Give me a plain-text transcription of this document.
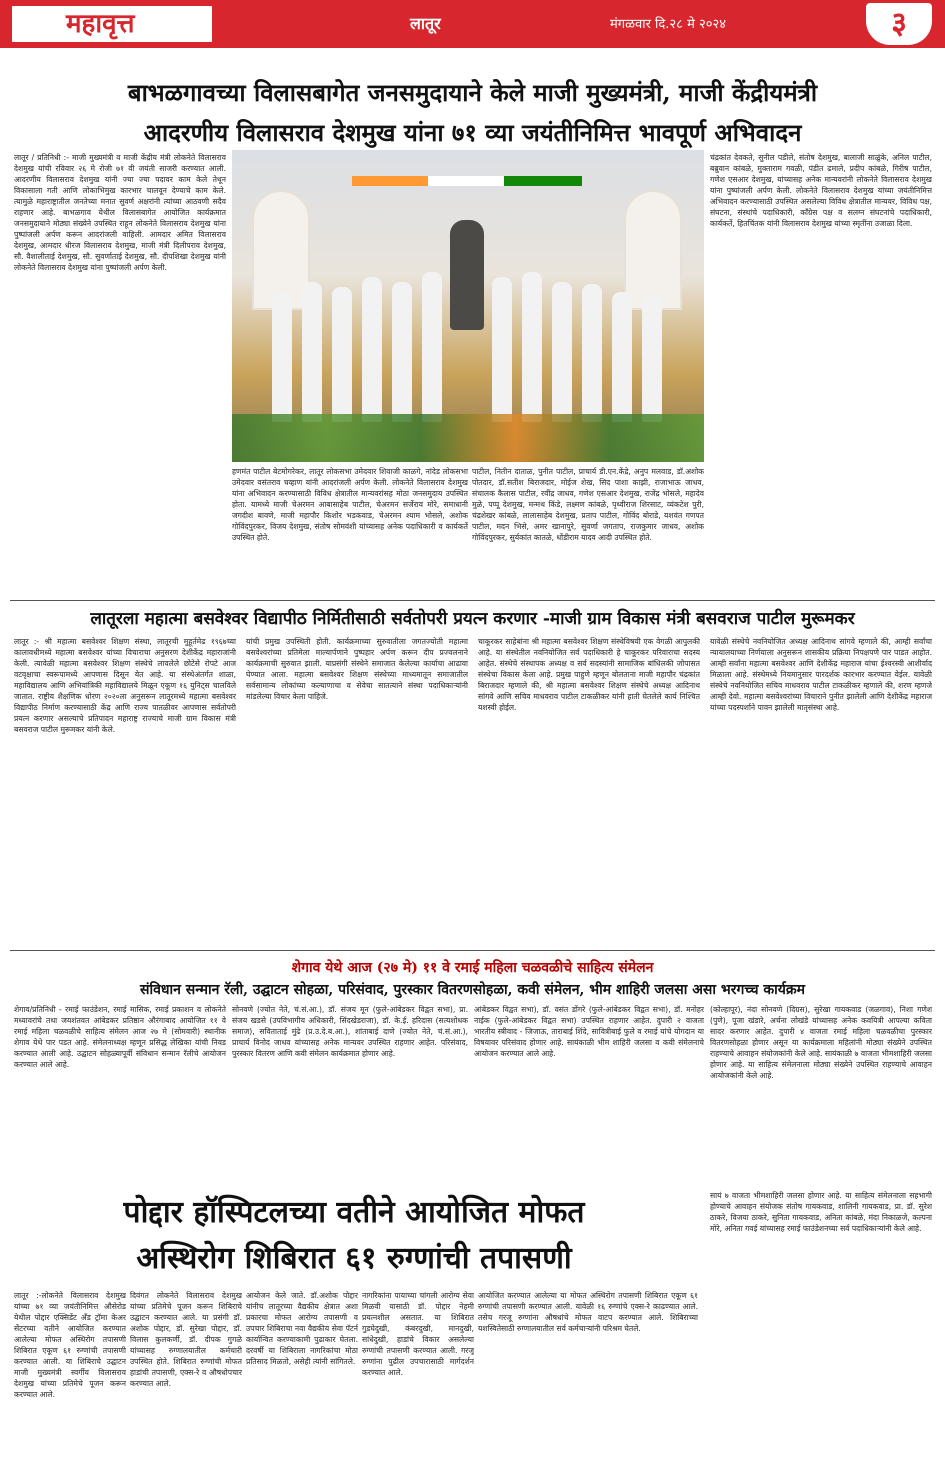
महावृत्त	लातूर	मंगळवार दि.२८ मे २०२४	३
बाभळगावच्या विलासबागेत जनसमुदायाने केले माजी मुख्यमंत्री, माजी केंद्रीयमंत्री
आदरणीय विलासराव देशमुख यांना ७१ व्या जयंतीनिमित्त भावपूर्ण अभिवादन
लातूर / प्रतिनिधी :- माजी मुख्यमंत्री व माजी केंद्रीय मंत्री लोकनेते विलासराव देशमुख यांची रविवार २६ मे रोजी ७१ वी जयंती साजरी करण्यात आली. आदरणीय विलासराव देशमुख यांनी ज्या ज्या पदावर काम केले तेथून विकासाला गती आणि लोकाभिमुख कारभार चालवून देण्याचे काम केले. त्यामुळे महाराष्ट्रातील जनतेच्या मनात सुवर्ण अक्षरांनी त्यांच्या आठवणी सदैव राहणार आहे. बाभळगाव येथील विलासबागेत आयोजित कार्यक्रमात जनसमुदायाने मोठ्या संख्येने उपस्थित राहून लोकनेते विलासराव देशमुख यांना पुष्पांजली अर्पण करून आदरांजली वाहिली. आमदार अमित विलासराव देशमुख, आमदार धीरज विलासराव देशमुख, माजी मंत्री दिलीपराव देशमुख, सौ. वैशालीताई देशमुख, सौ. सुवर्णाताई देशमुख, सौ. दीपशिखा देशमुख यांनी लोकनेते विलासराव देशमुख यांना पुष्पांजली अर्पण केली.
हणमंत पाटील बेटमोगरेकर, लातूर लोकसभा उमेदवार शिवाजी काळगे, नांदेड लोकसभा उमेदवार वसंतराव चव्हाण यांनी आदरांजली अर्पण केली. लोकनेते विलासराव देशमुख यांना अभिवादन करण्यासाठी विविध क्षेत्रातील मान्यवरांसह मोठा जनसमुदाय उपस्थित होता. यामध्ये माजी चेअरमन आबासाहेब पाटील, चेअरमन सर्जेराव मोरे, समाधानी जगदीश बावणे, माजी महापौर किशोर भडकवाड, चेअरमन श्याम भोसले, अशोक गोविंदपुरकर, विजय देशमुख, संतोष सोमवंशी यांच्यासह अनेक पदाधिकारी व कार्यकर्ते उपस्थित होते.
पाटील, नितीन दाताळ, पुनीत पाटील, प्राचार्य डी.एन.केंद्रे, अनुप मलवाड, डॉ.अशोक पोतदार, डॉ.सतीश बिराजदार, मोईज शेख, सिद पाशा काझी, राजाभाऊ जाधव, संचालक कैलास पाटील, रवींद्र जाधव, गणेश एसआर देशमुख, राजेंद्र भोसले, महादेव मुळे, पप्पू देशमुख, मन्मथ किंडे, लक्ष्मण कांबळे, पृथ्वीराज शिरसाट, व्यंकटेश पुरी, चंद्रशेखर कांबळे, लालासाहेब देशमुख, प्रताप पाटील, गोविंद बोराडे, यशवंत गणपत पाटील, मदन भिसे, अमर खानापुरे, सुवर्णा जगताप, राजकुमार जाधव, अशोक गोविंदपुरकर, सुर्यकांत कातळे, धोंडीराम यादव आदी उपस्थित होते.
चंद्रकांत देवकते, सुनील पडीले, संतोष देशमुख, बालाजी साळुंके, अनिल पाटील, बब्रुवान कांबळे, मुक्ताराम गवळी, पंडीत ढमाले, प्रदीप कांबळे, गिरीष पाटील, गणेश एसआर देशमुख, यांच्यासह अनेक मान्यवरांनी लोकनेते विलासराव देशमुख यांना पुष्पांजली अर्पण केली. लोकनेते विलासराव देशमुख यांच्या जयंतीनिमित्त अभिवादन करण्यासाठी उपस्थित असलेल्या विविध क्षेत्रातील मान्यवर, विविध पक्ष, संघटना, संस्थांचे पदाधिकारी, काँग्रेस पक्ष व सलग्न संघटनांचे पदाधिकारी, कार्यकर्ते, हितचिंतक यांनी विलासराव देशमुख यांच्या स्मृतींना उजाळा दिला.
लातूरला महात्मा बसवेश्वर विद्यापीठ निर्मितीसाठी सर्वतोपरी प्रयत्न करणार -माजी ग्राम विकास मंत्री बसवराज पाटील मुरूमकर
लातूर :- श्री महात्मा बसवेश्वर शिक्षण संस्था, लातूरची मुहूर्तमेढ १९६७च्या कालावधीमध्ये महात्मा बसवेश्वर यांच्या विचाराचा अनुसरण देशीकेंद्र महाराजांनी केली. त्यावेळी महात्मा बसवेश्वर शिक्षण संस्थेचे लावलेले छोटेसे रोपटे आज वटवृक्षाचा स्वरूपामध्ये आपणास दिसून येत आहे. या संस्थेअंतर्गत शाळा, महाविद्यालय आणि अभियांत्रिकी महाविद्यालये मिळून एकूण १६ युनिट्स चालविले जातात. राष्ट्रीय शैक्षणिक धोरण २०२०ला अनुसरून लातूरमध्ये महात्मा बसवेश्वर विद्यापीठ निर्माण करण्यासाठी केंद्र आणि राज्य पातळीवर आपणास सर्वतोपरी प्रयत्न करणार असल्याचे प्रतिपादन महाराष्ट्र राज्याचे माजी ग्राम विकास मंत्री बसवराज पाटील मुरूमकर यांनी केले.
यांची प्रमुख उपस्थिती होती. कार्यक्रमाच्या सुरुवातीला जगतज्योती महात्मा बसवेश्वरांच्या प्रतिमेला माल्यार्पणाने पुष्पहार अर्पण करून दीप प्रज्वलनाने कार्यक्रमाची सुरुवात झाली. याप्रसंगी संस्थेने समाजात केलेल्या कार्याचा आढावा घेण्यात आला. महात्मा बसवेश्वर शिक्षण संस्थेच्या माध्यमातून समाजातील सर्वसामान्य लोकांच्या कल्याणाचा व सेवेचा सातत्याने संस्था पदाधिकाऱ्यांनी मांडलेल्या विचार केला पाहिजे.
चाकूरकर साहेबांना श्री महात्मा बसवेश्वर शिक्षण संस्थेविषयी एक वेगळी आपुलकी आहे. या संस्थेतील नवनियोजित सर्व पदाधिकारी हे चाकूरकर परिवाराचा सदस्य आहेत. संस्थेचे संस्थापक अध्यक्ष व सर्व सदस्यांनी सामाजिक बांधिलकी जोपासत संस्थेचा विकास केला आहे. प्रमुख पाहुणे म्हणून बोलताना माजी महापौर चंद्रकांत बिराजदार म्हणाले की, श्री महात्मा बसवेश्वर शिक्षण संस्थेचे अध्यक्ष आदिनाथ सांगवे आणि सचिव माधवराव पाटील टाकळीकर यांनी हाती घेतलेले कार्य निश्चित यशस्वी होईल.
यावेळी संस्थेचे नवनियोजित अध्यक्ष आदिनाथ सांगवे म्हणाले की, आम्ही सर्वांचा न्यायालयाच्या निर्णयाला अनुसरून शासकीय प्रक्रिया निपक्षपणे पार पाडत आहोत. आम्ही सर्वांना महात्मा बसवेश्वर आणि देशीकेंद्र महाराज यांचा ईश्वरस्वी आशीर्वाद मिळाला आहे. संस्थेमध्ये नियमानुसार पारदर्शक कारभार करण्यात येईल. यावेळी संस्थेचे नवनियोजित सचिव माधवराव पाटील टाकळीकर म्हणाले की, शरण म्हणजे आम्ही देवो. महात्मा बसवेश्वरांच्या विचाराने पुनीत झालेली आणि देशीकेंद्र महाराज यांच्या पदस्पर्शाने पावन झालेली मातृसंस्था आहे.
शेगाव येथे आज (२७ मे) ११ वे रमाई महिला चळवळीचे साहित्य संमेलन
संविधान सन्मान रॅली, उद्घाटन सोहळा, परिसंवाद, पुरस्कार वितरणसोहळा, कवी संमेलन, भीम शाहिरी जलसा असा भरगच्च कार्यक्रम
शेगाव/प्रतिनिधी - रमाई फाउंडेशन, रमाई मासिक, रमाई प्रकाशन व लोकनेते मध्यावरांचे तथा जयशंतवत आंबेडकर प्रतिष्ठान औरंगाबाद आयोजित ११ वे रमाई महिला चळवळीचे साहित्य संमेलन आज २७ मे (सोमवारी) स्थानीक शेगाव येथे पार पडत आहे. संमेलनाध्यक्ष म्हणून प्रसिद्ध लेखिका यांची निवड करण्यात आली आहे. उद्घाटन सोहळ्यापूर्वी संविधान सन्मान रॅलीचे आयोजन करण्यात आले आहे.
सोनवणे (ज्योत नेते, चं.सं.आ.), डॉ. संजय मून (फुले-आंबेडकर विद्वत सभा), प्रा. संजय खडसे (उपविभागीय अधिकारी, सिंदखेडराजा), डॉ. के.ई. हरिदास (सत्यशोधक समाज), सविताताई मुंढे (प्र.उ.दे.ब.आ.), शांताबाई दाणे (ज्योत नेते, चं.सं.आ.), प्राचार्य विनोद जाधव यांच्यासह अनेक मान्यवर उपस्थित राहणार आहेत. परिसंवाद, पुरस्कार वितरण आणि कवी संमेलन कार्यक्रमात होणार आहे.
आंबेडकर विद्वत सभा), डॉ. वसंत डोंगरे (फुले-आंबेडकर विद्वत सभा), डॉ. मनोहर नाईक (फुले-आंबेडकर विद्वत सभा) उपस्थित राहणार आहेत. दुपारी २ वाजता भारतीय स्त्रीवाद - जिजाऊ, ताराबाई शिंदे, सावित्रीबाई फुले व रमाई यांचे योगदान या विषयावर परिसंवाद होणार आहे. सायंकाळी भीम शाहिरी जलसा व कवी संमेलनाचे आयोजन करण्यात आले आहे.
(कोल्हापूर), नंदा सोनवणे (दिग्रस), सुरेखा गायकवाड (जळगाव), निशा गणेश (पुणे), पूजा खंडारे, अर्चना लोखंडे यांच्यासह अनेक कवयित्री आपल्या कविता सादर करणार आहेत. दुपारी ४ वाजता रमाई महिला चळवळीचा पुरस्कार वितरणसोहळा होणार असून या कार्यक्रमाला महिलांनी मोठ्या संख्येने उपस्थित राहण्याचे आवाहन संयोजकांनी केले आहे. सायंकाळी ७ वाजता भीमशाहिरी जलसा होणार आहे. या साहित्य संमेलनाला मोठ्या संख्येने उपस्थित राहण्याचे आवाहन आयोजकांनी केले आहे.
पोद्दार हॉस्पिटलच्या वतीने आयोजित मोफत
अस्थिरोग शिबिरात ६१ रुग्णांची तपासणी
लातूर :-लोकनेते विलासराव देशमुख यांच्या ७१ व्या जयंतीनिमित्त औसेरोड येथील पोद्दार एक्सिडेंट ॲंड ट्रॉमा केअर सेंटरच्या वतीने आयोजित करण्यात आलेल्या मोफत अस्थिरोग तपासणी शिबिरात एकूण ६१ रुग्णांची तपासणी करण्यात आली. या शिबिराचे उद्घाटन माजी मुख्यमंत्री स्वर्गीय विलासराव देशमुख यांच्या प्रतिमेचे पूजन करून करण्यात आले.
दिवंगत लोकनेते विलासराव देशमुख यांच्या प्रतिमेचे पूजन करून शिबिराचे उद्घाटन करण्यात आले. या प्रसंगी डॉ. अशोक पोद्दार, डॉ. सुरेखा पोद्दार, डॉ. विलास कुलकर्णी, डॉ. दीपक गुगळे यांच्यासह रुग्णालयातील कर्मचारी उपस्थित होते. शिबिरात रुग्णांची मोफत हाडांची तपासणी, एक्स-रे व औषधोपचार करण्यात आले.
आयोजन केले जाते. डॉ.अशोक पोद्दार यांनीच लातूरच्या वैद्यकीय क्षेत्रात अशा प्रकारचा मोफत आरोग्य तपासणी व उपचार शिबिराचा नवा वैद्यकीय सेवा पॅटर्न कार्यान्वित करण्याकामी पुढाकार घेतला. दरवर्षी या शिबिराला नागरिकांचा मोठा प्रतिसाद मिळतो, असेही त्यांनी सांगितले.
नागरिकांना पायाच्या चांगली आरोग्य सेवा मिळवी यासाठी डॉ. पोद्दार नेहमी प्रयत्नशील असतात. या शिबिरात गुडघेदुखी, कंबरदुखी, मानदुखी, सांधेदुखी, हाडांचे विकार असलेल्या रुग्णांची तपासणी करण्यात आली. गरजू रुग्णांना पुढील उपचारासाठी मार्गदर्शन करण्यात आले.
आयोजित करण्यात आलेल्या या मोफत अस्थिरोग तपासणी शिबिरात एकूण ६१ रुग्णांची तपासणी करण्यात आली. यावेळी १६ रुग्णांचे एक्स-रे काढण्यात आले. तसेच गरजू रुग्णांना औषधांचे मोफत वाटप करण्यात आले. शिबिराच्या यशस्वितेसाठी रुग्णालयातील सर्व कर्मचाऱ्यांनी परिश्रम घेतले.
सायं ७ वाजता भीमशाहिरी जलसा होणार आहे. या साहित्य संमेलनाला सहभागी होण्याचे आवाहन संयोजक संतोष गायकवाड, शालिनी गायकवाड, प्रा. डॉ. सुरेश ठाकरे, विजया ठाकरे, सुनिता गायकवाड, अनिता कांबळे, मंदा निकाळजे, कल्पना मोरे, अनिता गवई यांच्यासह रमाई फाउंडेशनच्या सर्व पदाधिकाऱ्यांनी केले आहे.
